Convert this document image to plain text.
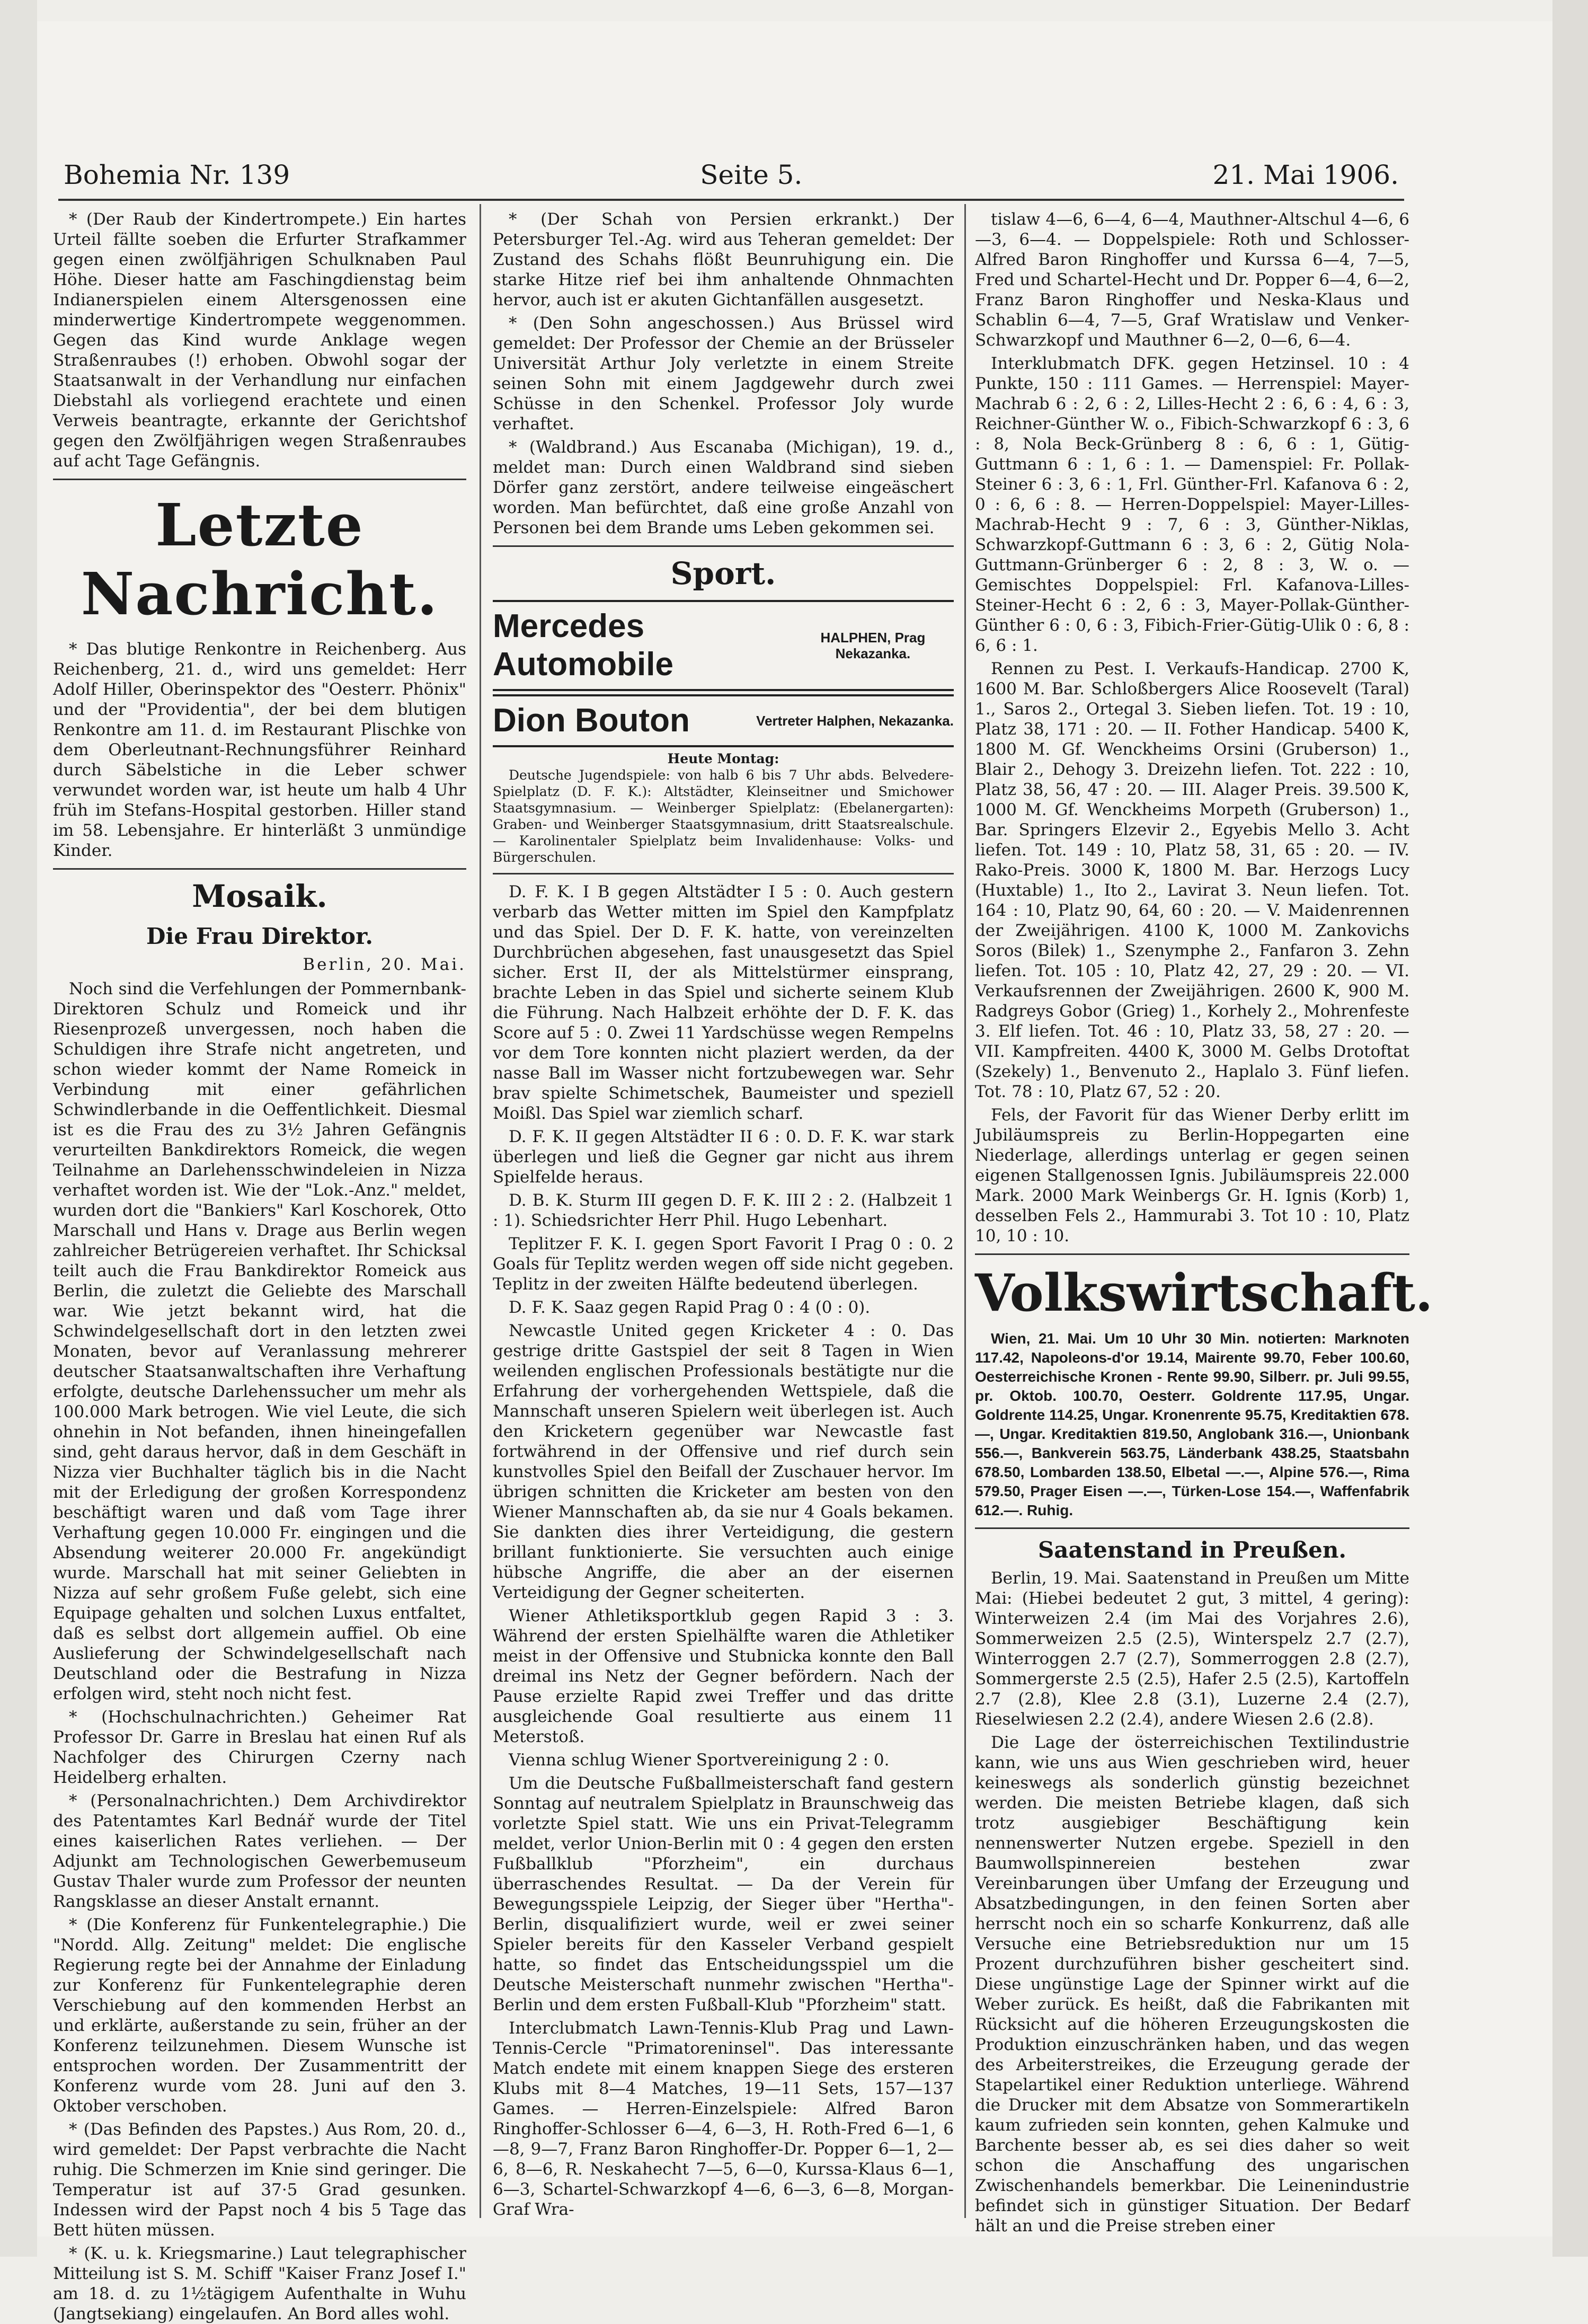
Bohemia Nr. 139	Seite 5.	21. Mai 1906.

* (Der Raub der Kindertrompete.) Ein hartes Urteil fällte soeben die Erfurter Strafkammer gegen einen zwölfjährigen Schulknaben Paul Höhe. Dieser hatte am Faschingdienstag beim Indianerspielen einem Altersgenossen eine minderwertige Kindertrompete weggenommen. Gegen das Kind wurde Anklage wegen Straßenraubes (!) erhoben. Obwohl sogar der Staatsanwalt in der Verhandlung nur einfachen Diebstahl als vorliegend erachtete und einen Verweis beantragte, erkannte der Gerichtshof gegen den Zwölfjährigen wegen Straßenraubes auf acht Tage Gefängnis.

Letzte Nachricht.

* Das blutige Renkontre in Reichenberg. Aus Reichenberg, 21. d., wird uns gemeldet: Herr Adolf Hiller, Oberinspektor des "Oesterr. Phönix" und der "Providentia", der bei dem blutigen Renkontre am 11. d. im Restaurant Plischke von dem Oberleutnant-Rechnungsführer Reinhard durch Säbelstiche in die Leber schwer verwundet worden war, ist heute um halb 4 Uhr früh im Stefans-Hospital gestorben. Hiller stand im 58. Lebensjahre. Er hinterläßt 3 unmündige Kinder.

Mosaik.
Die Frau Direktor.
Berlin, 20. Mai.

Noch sind die Verfehlungen der Pommernbank-Direktoren Schulz und Romeick und ihr Riesenprozeß unvergessen, noch haben die Schuldigen ihre Strafe nicht angetreten, und schon wieder kommt der Name Romeick in Verbindung mit einer gefährlichen Schwindlerbande in die Oeffentlichkeit. Diesmal ist es die Frau des zu 3½ Jahren Gefängnis verurteilten Bankdirektors Romeick, die wegen Teilnahme an Darlehensschwindeleien in Nizza verhaftet worden ist. Wie der "Lok.-Anz." meldet, wurden dort die "Bankiers" Karl Koschorek, Otto Marschall und Hans v. Drage aus Berlin wegen zahlreicher Betrügereien verhaftet. Ihr Schicksal teilt auch die Frau Bankdirektor Romeick aus Berlin, die zuletzt die Geliebte des Marschall war. Wie jetzt bekannt wird, hat die Schwindelgesellschaft dort in den letzten zwei Monaten, bevor auf Veranlassung mehrerer deutscher Staatsanwaltschaften ihre Verhaftung erfolgte, deutsche Darlehenssucher um mehr als 100.000 Mark betrogen. Wie viel Leute, die sich ohnehin in Not befanden, ihnen hineingefallen sind, geht daraus hervor, daß in dem Geschäft in Nizza vier Buchhalter täglich bis in die Nacht mit der Erledigung der großen Korrespondenz beschäftigt waren und daß vom Tage ihrer Verhaftung gegen 10.000 Fr. eingingen und die Absendung weiterer 20.000 Fr. angekündigt wurde. Marschall hat mit seiner Geliebten in Nizza auf sehr großem Fuße gelebt, sich eine Equipage gehalten und solchen Luxus entfaltet, daß es selbst dort allgemein auffiel. Ob eine Auslieferung der Schwindelgesellschaft nach Deutschland oder die Bestrafung in Nizza erfolgen wird, steht noch nicht fest.

* (Hochschulnachrichten.) Geheimer Rat Professor Dr. Garre in Breslau hat einen Ruf als Nachfolger des Chirurgen Czerny nach Heidelberg erhalten.

* (Personalnachrichten.) Dem Archivdirektor des Patentamtes Karl Bednář wurde der Titel eines kaiserlichen Rates verliehen. — Der Adjunkt am Technologischen Gewerbemuseum Gustav Thaler wurde zum Professor der neunten Rangsklasse an dieser Anstalt ernannt.

* (Die Konferenz für Funkentelegraphie.) Die "Nordd. Allg. Zeitung" meldet: Die englische Regierung regte bei der Annahme der Einladung zur Konferenz für Funkentelegraphie deren Verschiebung auf den kommenden Herbst an und erklärte, außerstande zu sein, früher an der Konferenz teilzunehmen. Diesem Wunsche ist entsprochen worden. Der Zusammentritt der Konferenz wurde vom 28. Juni auf den 3. Oktober verschoben.

* (Das Befinden des Papstes.) Aus Rom, 20. d., wird gemeldet: Der Papst verbrachte die Nacht ruhig. Die Schmerzen im Knie sind geringer. Die Temperatur ist auf 37·5 Grad gesunken. Indessen wird der Papst noch 4 bis 5 Tage das Bett hüten müssen.

* (K. u. k. Kriegsmarine.) Laut telegraphischer Mitteilung ist S. M. Schiff "Kaiser Franz Josef I." am 18. d. zu 1½tägigem Aufenthalte in Wuhu (Jangtsekiang) eingelaufen. An Bord alles wohl.

* (Der Schah von Persien erkrankt.) Der Petersburger Tel.-Ag. wird aus Teheran gemeldet: Der Zustand des Schahs flößt Beunruhigung ein. Die starke Hitze rief bei ihm anhaltende Ohnmachten hervor, auch ist er akuten Gichtanfällen ausgesetzt.

* (Den Sohn angeschossen.) Aus Brüssel wird gemeldet: Der Professor der Chemie an der Brüsseler Universität Arthur Joly verletzte in einem Streite seinen Sohn mit einem Jagdgewehr durch zwei Schüsse in den Schenkel. Professor Joly wurde verhaftet.

* (Waldbrand.) Aus Escanaba (Michigan), 19. d., meldet man: Durch einen Waldbrand sind sieben Dörfer ganz zerstört, andere teilweise eingeäschert worden. Man befürchtet, daß eine große Anzahl von Personen bei dem Brande ums Leben gekommen sei.

Sport.
Mercedes Automobile
HALPHEN, Prag Nekazanka.
Dion Bouton	Vertreter Halphen, Nekazanka.
Heute Montag:

Deutsche Jugendspiele: von halb 6 bis 7 Uhr abds. Belvedere-Spielplatz (D. F. K.): Altstädter, Kleinseitner und Smichower Staatsgymnasium. — Weinberger Spielplatz: (Ebelanergarten): Graben- und Weinberger Staatsgymnasium, dritt Staatsrealschule. — Karolinentaler Spielplatz beim Invalidenhause: Volks- und Bürgerschulen.

D. F. K. I B gegen Altstädter I 5 : 0. Auch gestern verbarb das Wetter mitten im Spiel den Kampfplatz und das Spiel. Der D. F. K. hatte, von vereinzelten Durchbrüchen abgesehen, fast unausgesetzt das Spiel sicher. Erst II, der als Mittelstürmer einsprang, brachte Leben in das Spiel und sicherte seinem Klub die Führung. Nach Halbzeit erhöhte der D. F. K. das Score auf 5 : 0. Zwei 11 Yardschüsse wegen Rempelns vor dem Tore konnten nicht plaziert werden, da der nasse Ball im Wasser nicht fortzubewegen war. Sehr brav spielte Schimetschek, Baumeister und speziell Moißl. Das Spiel war ziemlich scharf.

D. F. K. II gegen Altstädter II 6 : 0. D. F. K. war stark überlegen und ließ die Gegner gar nicht aus ihrem Spielfelde heraus.

D. B. K. Sturm III gegen D. F. K. III 2 : 2. (Halbzeit 1 : 1). Schiedsrichter Herr Phil. Hugo Lebenhart.

Teplitzer F. K. I. gegen Sport Favorit I Prag 0 : 0. 2 Goals für Teplitz werden wegen off side nicht gegeben. Teplitz in der zweiten Hälfte bedeutend überlegen.

D. F. K. Saaz gegen Rapid Prag 0 : 4 (0 : 0).

Newcastle United gegen Kricketer 4 : 0. Das gestrige dritte Gastspiel der seit 8 Tagen in Wien weilenden englischen Professionals bestätigte nur die Erfahrung der vorhergehenden Wettspiele, daß die Mannschaft unseren Spielern weit überlegen ist. Auch den Kricketern gegenüber war Newcastle fast fortwährend in der Offensive und rief durch sein kunstvolles Spiel den Beifall der Zuschauer hervor. Im übrigen schnitten die Kricketer am besten von den Wiener Mannschaften ab, da sie nur 4 Goals bekamen. Sie dankten dies ihrer Verteidigung, die gestern brillant funktionierte. Sie versuchten auch einige hübsche Angriffe, die aber an der eisernen Verteidigung der Gegner scheiterten.

Wiener Athletiksportklub gegen Rapid 3 : 3. Während der ersten Spielhälfte waren die Athletiker meist in der Offensive und Stubnicka konnte den Ball dreimal ins Netz der Gegner befördern. Nach der Pause erzielte Rapid zwei Treffer und das dritte ausgleichende Goal resultierte aus einem 11 Meterstoß.

Vienna schlug Wiener Sportvereinigung 2 : 0.

Um die Deutsche Fußballmeisterschaft fand gestern Sonntag auf neutralem Spielplatz in Braunschweig das vorletzte Spiel statt. Wie uns ein Privat-Telegramm meldet, verlor Union-Berlin mit 0 : 4 gegen den ersten Fußballklub "Pforzheim", ein durchaus überraschendes Resultat. — Da der Verein für Bewegungsspiele Leipzig, der Sieger über "Hertha"-Berlin, disqualifiziert wurde, weil er zwei seiner Spieler bereits für den Kasseler Verband gespielt hatte, so findet das Entscheidungsspiel um die Deutsche Meisterschaft nunmehr zwischen "Hertha"-Berlin und dem ersten Fußball-Klub "Pforzheim" statt.

Interclubmatch Lawn-Tennis-Klub Prag und Lawn-Tennis-Cercle "Primatoreninsel". Das interessante Match endete mit einem knappen Siege des ersteren Klubs mit 8—4 Matches, 19—11 Sets, 157—137 Games. — Herren-Einzelspiele: Alfred Baron Ringhoffer-Schlosser 6—4, 6—3, H. Roth-Fred 6—1, 6—8, 9—7, Franz Baron Ringhoffer-Dr. Popper 6—1, 2—6, 8—6, R. Neskahecht 7—5, 6—0, Kurssa-Klaus 6—1, 6—3, Schartel-Schwarzkopf 4—6, 6—3, 6—8, Morgan-Graf Wra-

tislaw 4—6, 6—4, 6—4, Mauthner-Altschul 4—6, 6—3, 6—4. — Doppelspiele: Roth und Schlosser-Alfred Baron Ringhoffer und Kurssa 6—4, 7—5, Fred und Schartel-Hecht und Dr. Popper 6—4, 6—2, Franz Baron Ringhoffer und Neska-Klaus und Schablin 6—4, 7—5, Graf Wratislaw und Venker-Schwarzkopf und Mauthner 6—2, 0—6, 6—4.

Interklubmatch DFK. gegen Hetzinsel. 10 : 4 Punkte, 150 : 111 Games. — Herrenspiel: Mayer-Machrab 6 : 2, 6 : 2, Lilles-Hecht 2 : 6, 6 : 4, 6 : 3, Reichner-Günther W. o., Fibich-Schwarzkopf 6 : 3, 6 : 8, Nola Beck-Grünberg 8 : 6, 6 : 1, Gütig-Guttmann 6 : 1, 6 : 1. — Damenspiel: Fr. Pollak-Steiner 6 : 3, 6 : 1, Frl. Günther-Frl. Kafanova 6 : 2, 0 : 6, 6 : 8. — Herren-Doppelspiel: Mayer-Lilles-Machrab-Hecht 9 : 7, 6 : 3, Günther-Niklas, Schwarzkopf-Guttmann 6 : 3, 6 : 2, Gütig Nola-Guttmann-Grünberger 6 : 2, 8 : 3, W. o. — Gemischtes Doppelspiel: Frl. Kafanova-Lilles-Steiner-Hecht 6 : 2, 6 : 3, Mayer-Pollak-Günther-Günther 6 : 0, 6 : 3, Fibich-Frier-Gütig-Ulik 0 : 6, 8 : 6, 6 : 1.

Rennen zu Pest. I. Verkaufs-Handicap. 2700 K, 1600 M. Bar. Schloßbergers Alice Roosevelt (Taral) 1., Saros 2., Ortegal 3. Sieben liefen. Tot. 19 : 10, Platz 38, 171 : 20. — II. Fother Handicap. 5400 K, 1800 M. Gf. Wenckheims Orsini (Gruberson) 1., Blair 2., Dehogy 3. Dreizehn liefen. Tot. 222 : 10, Platz 38, 56, 47 : 20. — III. Alager Preis. 39.500 K, 1000 M. Gf. Wenckheims Morpeth (Gruberson) 1., Bar. Springers Elzevir 2., Egyebis Mello 3. Acht liefen. Tot. 149 : 10, Platz 58, 31, 65 : 20. — IV. Rako-Preis. 3000 K, 1800 M. Bar. Herzogs Lucy (Huxtable) 1., Ito 2., Lavirat 3. Neun liefen. Tot. 164 : 10, Platz 90, 64, 60 : 20. — V. Maidenrennen der Zweijährigen. 4100 K, 1000 M. Zankovichs Soros (Bilek) 1., Szenymphe 2., Fanfaron 3. Zehn liefen. Tot. 105 : 10, Platz 42, 27, 29 : 20. — VI. Verkaufsrennen der Zweijährigen. 2600 K, 900 M. Radgreys Gobor (Grieg) 1., Korhely 2., Mohrenfeste 3. Elf liefen. Tot. 46 : 10, Platz 33, 58, 27 : 20. — VII. Kampfreiten. 4400 K, 3000 M. Gelbs Drotoftat (Szekely) 1., Benvenuto 2., Haplalo 3. Fünf liefen. Tot. 78 : 10, Platz 67, 52 : 20.

Fels, der Favorit für das Wiener Derby erlitt im Jubiläumspreis zu Berlin-Hoppegarten eine Niederlage, allerdings unterlag er gegen seinen eigenen Stallgenossen Ignis. Jubiläumspreis 22.000 Mark. 2000 Mark Weinbergs Gr. H. Ignis (Korb) 1, desselben Fels 2., Hammurabi 3. Tot 10 : 10, Platz 10, 10 : 10.

Volkswirtschaft.

Wien, 21. Mai. Um 10 Uhr 30 Min. notierten: Marknoten 117.42, Napoleons-d'or 19.14, Mairente 99.70, Feber 100.60, Oesterreichische Kronen - Rente 99.90, Silberr. pr. Juli 99.55, pr. Oktob. 100.70, Oesterr. Goldrente 117.95, Ungar. Goldrente 114.25, Ungar. Kronenrente 95.75, Kreditaktien 678.—, Ungar. Kreditaktien 819.50, Anglobank 316.—, Unionbank 556.—, Bankverein 563.75, Länderbank 438.25, Staatsbahn 678.50, Lombarden 138.50, Elbetal —.—, Alpine 576.—, Rima 579.50, Prager Eisen —.—, Türken-Lose 154.—, Waffenfabrik 612.—. Ruhig.

Saatenstand in Preußen.

Berlin, 19. Mai. Saatenstand in Preußen um Mitte Mai: (Hiebei bedeutet 2 gut, 3 mittel, 4 gering): Winterweizen 2.4 (im Mai des Vorjahres 2.6), Sommerweizen 2.5 (2.5), Winterspelz 2.7 (2.7), Winterroggen 2.7 (2.7), Sommerroggen 2.8 (2.7), Sommergerste 2.5 (2.5), Hafer 2.5 (2.5), Kartoffeln 2.7 (2.8), Klee 2.8 (3.1), Luzerne 2.4 (2.7), Rieselwiesen 2.2 (2.4), andere Wiesen 2.6 (2.8).

Die Lage der österreichischen Textilindustrie kann, wie uns aus Wien geschrieben wird, heuer keineswegs als sonderlich günstig bezeichnet werden. Die meisten Betriebe klagen, daß sich trotz ausgiebiger Beschäftigung kein nennenswerter Nutzen ergebe. Speziell in den Baumwollspinnereien bestehen zwar Vereinbarungen über Umfang der Erzeugung und Absatzbedingungen, in den feinen Sorten aber herrscht noch ein so scharfe Konkurrenz, daß alle Versuche eine Betriebsreduktion nur um 15 Prozent durchzuführen bisher gescheitert sind. Diese ungünstige Lage der Spinner wirkt auf die Weber zurück. Es heißt, daß die Fabrikanten mit Rücksicht auf die höheren Erzeugungskosten die Produktion einzuschränken haben, und das wegen des Arbeiterstreikes, die Erzeugung gerade der Stapelartikel einer Reduktion unterliege. Während die Drucker mit dem Absatze von Sommerartikeln kaum zufrieden sein konnten, gehen Kalmuke und Barchente besser ab, es sei dies daher so weit schon die Anschaffung des ungarischen Zwischenhandels bemerkbar. Die Leinenindustrie befindet sich in günstiger Situation. Der Bedarf hält an und die Preise streben einer
